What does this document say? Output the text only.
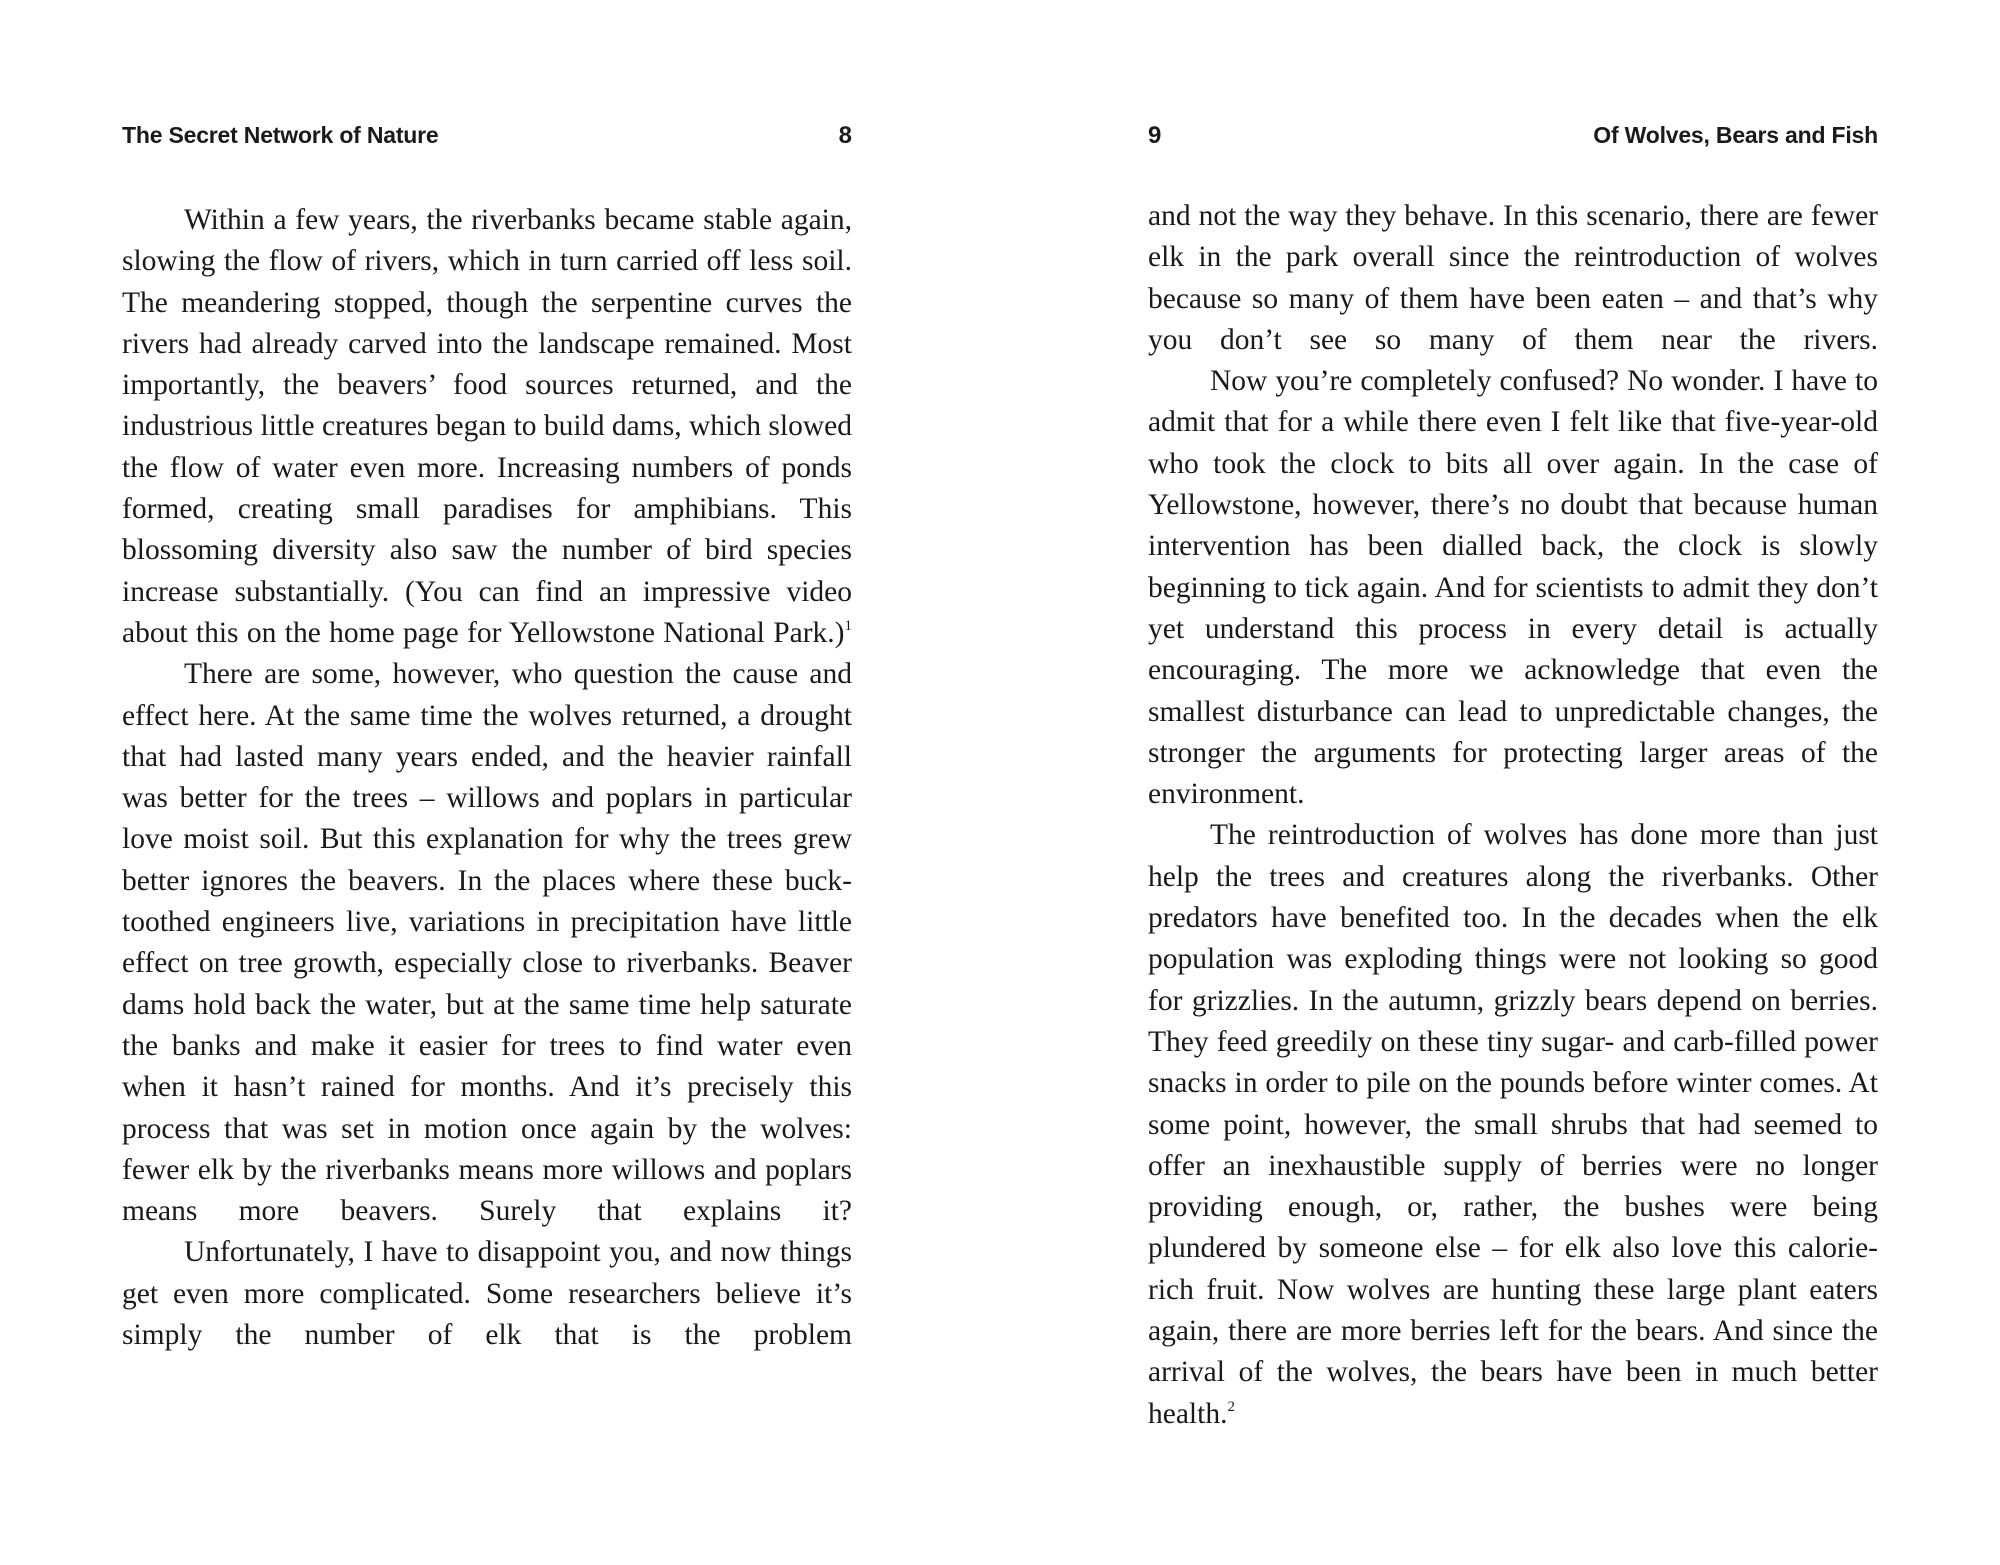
The Secret Network of Nature	8

Within a few years, the riverbanks became stable again, slowing the flow of rivers, which in turn carried off less soil. The meandering stopped, though the serpentine curves the rivers had already carved into the landscape remained. Most importantly, the beavers’ food sources returned, and the industrious little creatures began to build dams, which slowed the flow of water even more. Increasing numbers of ponds formed, creating small paradises for amphibians. This blossoming diversity also saw the number of bird species increase substantially. (You can find an impressive video about this on the home page for Yellowstone National Park.)$^1$

There are some, however, who question the cause and effect here. At the same time the wolves returned, a drought that had lasted many years ended, and the heavier rainfall was better for the trees – willows and poplars in particular love moist soil. But this explanation for why the trees grew better ignores the beavers. In the places where these buck-toothed engineers live, variations in precipitation have little effect on tree growth, especially close to riverbanks. Beaver dams hold back the water, but at the same time help saturate the banks and make it easier for trees to find water even when it hasn’t rained for months. And it’s precisely this process that was set in motion once again by the wolves: fewer elk by the riverbanks means more willows and poplars means more beavers. Surely that explains it?

Unfortunately, I have to disappoint you, and now things get even more complicated. Some researchers believe it’s simply the number of elk that is the problem

9	Of Wolves, Bears and Fish

and not the way they behave. In this scenario, there are fewer elk in the park overall since the reintroduction of wolves because so many of them have been eaten – and that’s why you don’t see so many of them near the rivers.

Now you’re completely confused? No wonder. I have to admit that for a while there even I felt like that five-year-old who took the clock to bits all over again. In the case of Yellowstone, however, there’s no doubt that because human intervention has been dialled back, the clock is slowly beginning to tick again. And for scientists to admit they don’t yet understand this process in every detail is actually encouraging. The more we acknowledge that even the smallest disturbance can lead to unpredictable changes, the stronger the arguments for protecting larger areas of the environment.

The reintroduction of wolves has done more than just help the trees and creatures along the riverbanks. Other predators have benefited too. In the decades when the elk population was exploding things were not looking so good for grizzlies. In the autumn, grizzly bears depend on berries. They feed greedily on these tiny sugar- and carb-filled power snacks in order to pile on the pounds before winter comes. At some point, however, the small shrubs that had seemed to offer an inexhaustible supply of berries were no longer providing enough, or, rather, the bushes were being plundered by someone else – for elk also love this calorie-rich fruit. Now wolves are hunting these large plant eaters again, there are more berries left for the bears. And since the arrival of the wolves, the bears have been in much better health.$^2$
